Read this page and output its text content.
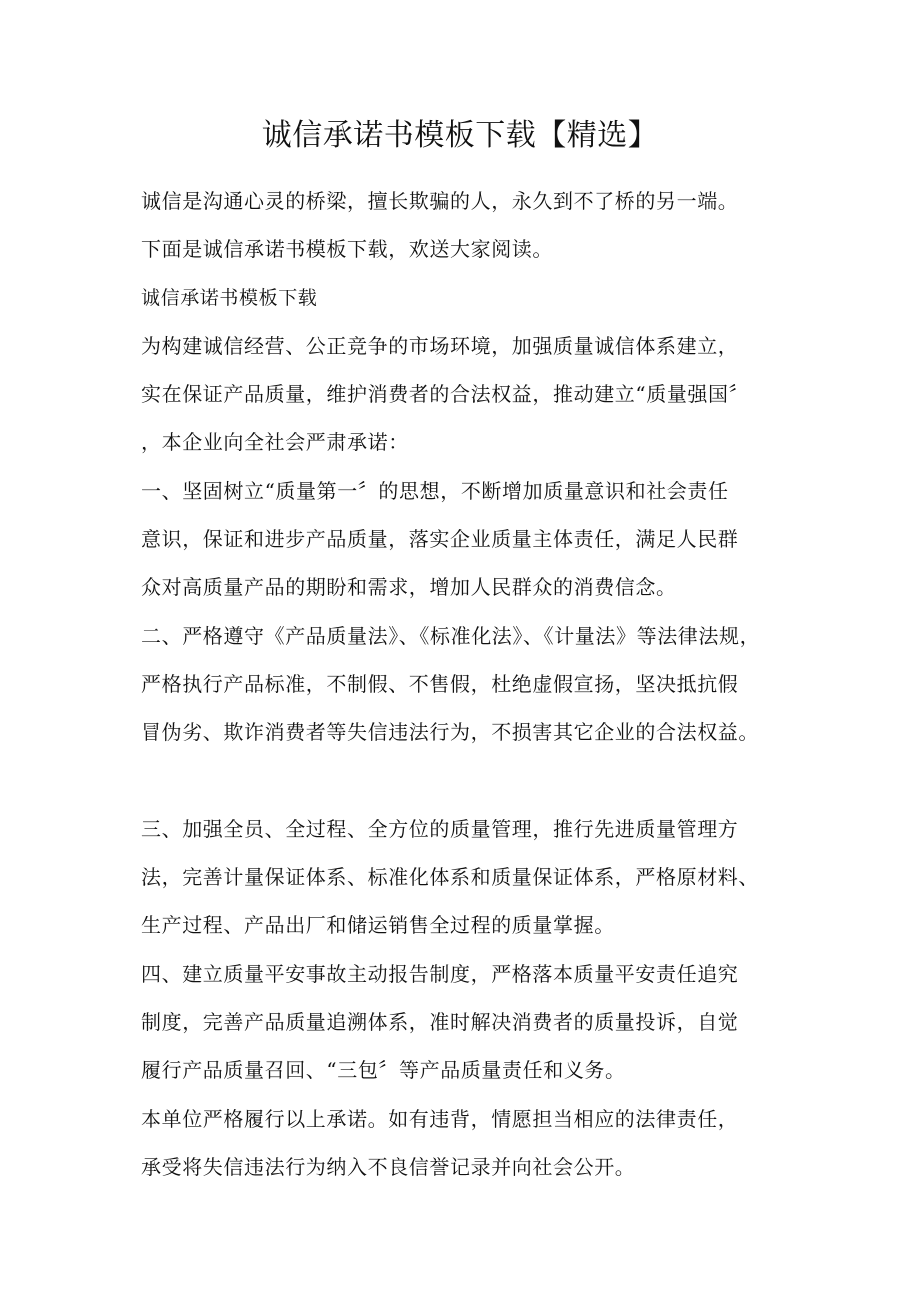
诚信承诺书模板下载【精选】
诚信是沟通心灵的桥梁，擅长欺骗的人，永久到不了桥的另一端。
下面是诚信承诺书模板下载，欢送大家阅读。
诚信承诺书模板下载
为构建诚信经营、公正竞争的市场环境，加强质量诚信体系建立，
实在保证产品质量，维护消费者的合法权益，推动建立“质量强国〞
，本企业向全社会严肃承诺：
一、坚固树立“质量第一〞的思想，不断增加质量意识和社会责任
意识，保证和进步产品质量，落实企业质量主体责任，满足人民群
众对高质量产品的期盼和需求，增加人民群众的消费信念。
二、严格遵守《产品质量法》、《标准化法》、《计量法》等法律法规，
严格执行产品标准，不制假、不售假，杜绝虚假宣扬，坚决抵抗假
冒伪劣、欺诈消费者等失信违法行为，不损害其它企业的合法权益。
三、加强全员、全过程、全方位的质量管理，推行先进质量管理方
法，完善计量保证体系、标准化体系和质量保证体系，严格原材料、
生产过程、产品出厂和储运销售全过程的质量掌握。
四、建立质量平安事故主动报告制度，严格落本质量平安责任追究
制度，完善产品质量追溯体系，准时解决消费者的质量投诉，自觉
履行产品质量召回、“三包〞等产品质量责任和义务。
本单位严格履行以上承诺。如有违背，情愿担当相应的法律责任，
承受将失信违法行为纳入不良信誉记录并向社会公开。
